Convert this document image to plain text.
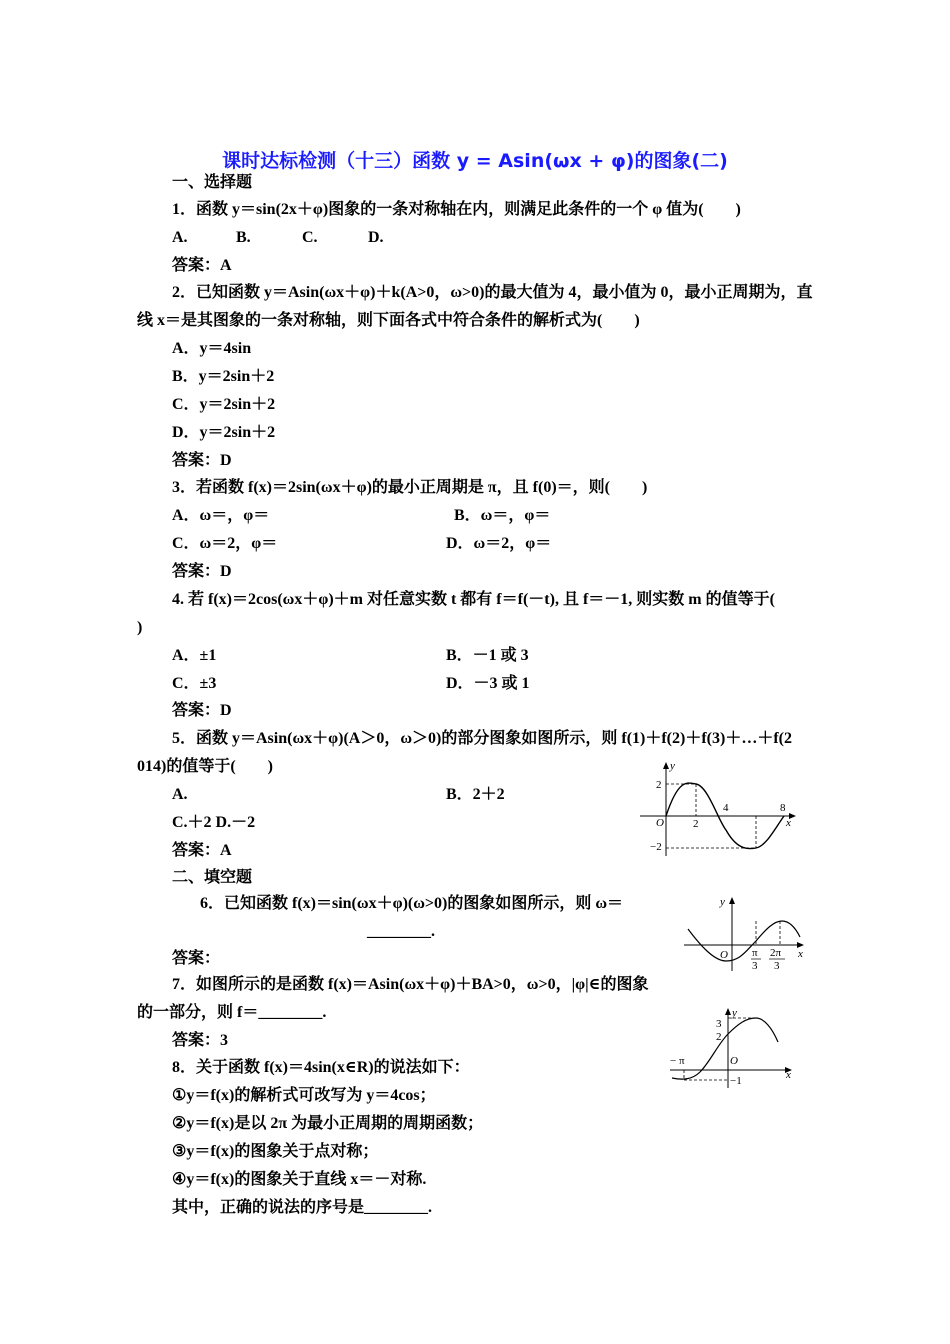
课时达标检测（十三）函数 y = Asin(ωx + φ)的图象(二)
一、选择题
1．函数 y＝sin(2x＋φ)图象的一条对称轴在内，则满足此条件的一个 φ 值为(　　)
A.	B.	C.	D.
答案：A
2．已知函数 y＝Asin(ωx＋φ)＋k(A>0，ω>0)的最大值为 4，最小值为 0，最小正周期为，直
线 x＝是其图象的一条对称轴，则下面各式中符合条件的解析式为(　　)
A．y＝4sin
B．y＝2sin＋2
C．y＝2sin＋2
D．y＝2sin＋2
答案：D
3．若函数 f(x)＝2sin(ωx＋φ)的最小正周期是 π，且 f(0)＝，则(　　)
A．ω＝，φ＝	B．ω＝，φ＝
C．ω＝2，φ＝	D．ω＝2，φ＝
答案：D
4. 若 f(x)＝2cos(ωx＋φ)＋m 对任意实数 t 都有 f＝f(－t), 且 f＝－1, 则实数 m 的值等于(
)
A．±1	B．－1 或 3
C．±3	D．－3 或 1
答案：D
5．函数 y＝Asin(ωx＋φ)(A＞0，ω＞0)的部分图象如图所示，则 f(1)＋f(2)＋f(3)＋…＋f(2
014)的值等于(　　)
A.	B．2＋2
C.＋2 D.－2
答案：A
y
x
O
2
−2
2
4	8
二、填空题
6．已知函数 f(x)＝sin(ωx＋φ)(ω>0)的图象如图所示，则 ω＝
________.
答案：
y
x
O π
3
2π
3
7．如图所示的是函数 f(x)＝Asin(ωx＋φ)＋BA>0，ω>0，|φ|∈的图象
的一部分，则 f＝________.
答案：3
y
x
O
3
2
− π
−1
8．关于函数 f(x)＝4sin(x∈R)的说法如下：
①y＝f(x)的解析式可改写为 y＝4cos；
②y＝f(x)是以 2π 为最小正周期的周期函数；
③y＝f(x)的图象关于点对称；
④y＝f(x)的图象关于直线 x＝－对称.
其中，正确的说法的序号是________.
